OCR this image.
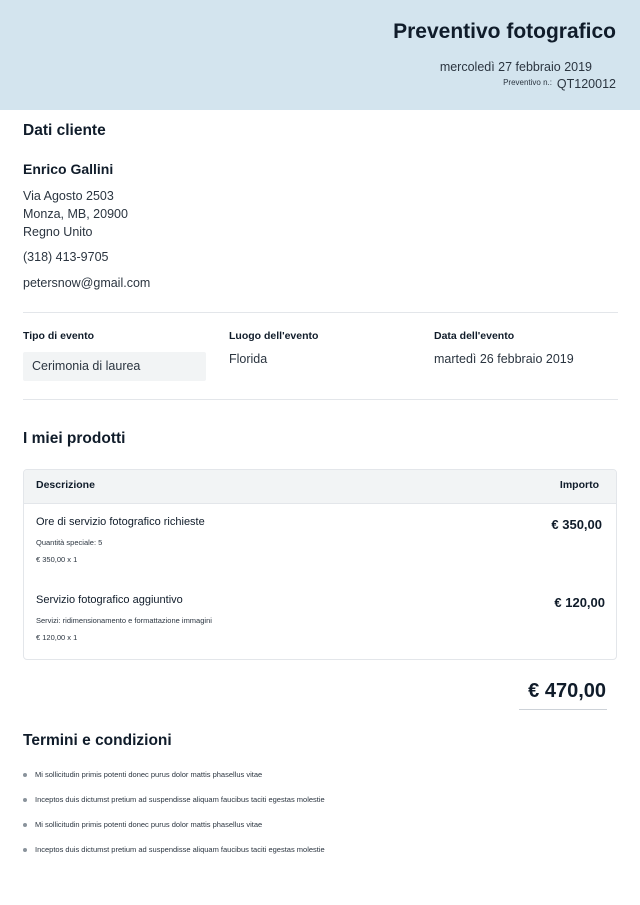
Preventivo fotografico
mercoledì 27 febbraio 2019
Preventivo n.: QT120012
Dati cliente
Enrico Gallini
Via Agosto 2503
Monza, MB, 20900
Regno Unito
(318) 413-9705
petersnow@gmail.com
Tipo di evento
Cerimonia di laurea
Luogo dell'evento
Florida
Data dell'evento
martedì 26 febbraio 2019
I miei prodotti
Descrizione	Importo
Ore di servizio fotografico richieste
Quantità speciale: 5
€ 350,00 x 1
€ 350,00
Servizio fotografico aggiuntivo
Servizi: ridimensionamento e formattazione immagini
€ 120,00 x 1
€ 120,00
€ 470,00
Termini e condizioni
Mi sollicitudin primis potenti donec purus dolor mattis phasellus vitae
Inceptos duis dictumst pretium ad suspendisse aliquam faucibus taciti egestas molestie
Mi sollicitudin primis potenti donec purus dolor mattis phasellus vitae
Inceptos duis dictumst pretium ad suspendisse aliquam faucibus taciti egestas molestie
